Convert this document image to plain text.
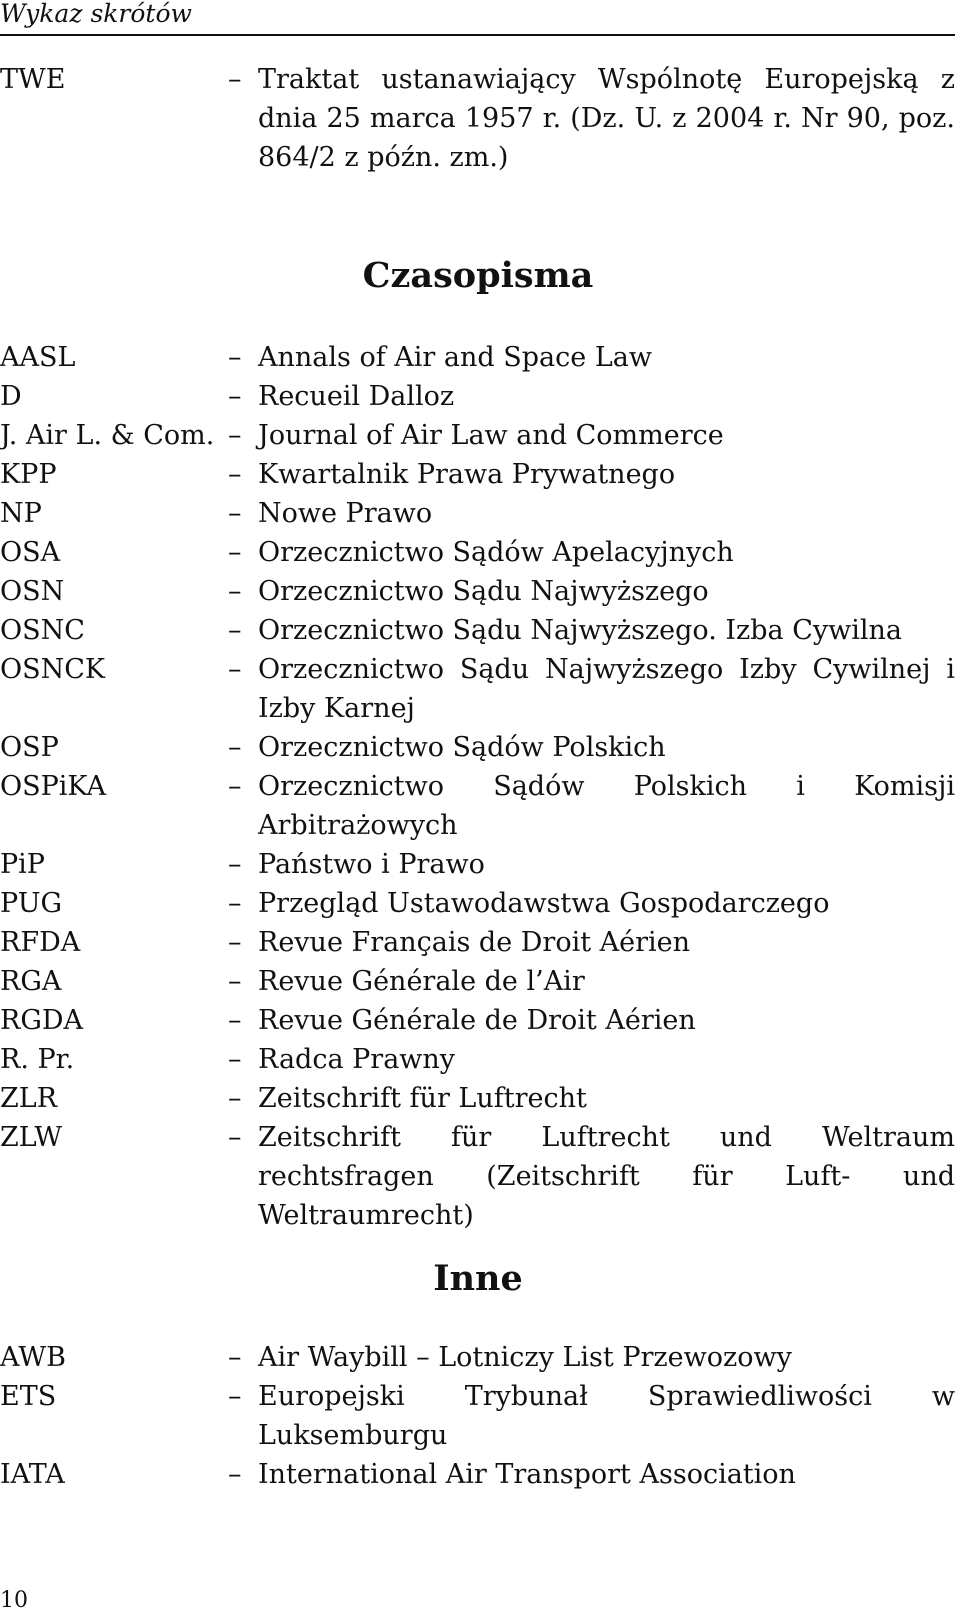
Wykaz skrótów
TWE	– Traktat ustanawiający Wspólnotę Europejską z dnia 25 marca 1957 r. (Dz. U. z 2004 r. Nr 90, poz. 864/2 z późn. zm.)
Czasopisma
AASL	– Annals of Air and Space Law
D	– Recueil Dalloz
J. Air L. & Com. – Journal of Air Law and Commerce
KPP	– Kwartalnik Prawa Prywatnego
NP	– Nowe Prawo
OSA	– Orzecznictwo Sądów Apelacyjnych
OSN	– Orzecznictwo Sądu Najwyższego
OSNC	– Orzecznictwo Sądu Najwyższego. Izba Cywilna
OSNCK	– Orzecznictwo Sądu Najwyższego Izby Cywilnej i Izby Karnej
OSP	– Orzecznictwo Sądów Polskich
OSPiKA	– Orzecznictwo Sądów Polskich i Komisji Arbitrażowych
PiP	– Państwo i Prawo
PUG	– Przegląd Ustawodawstwa Gospodarczego
RFDA	– Revue Français de Droit Aérien
RGA	– Revue Générale de l’Air
RGDA	– Revue Générale de Droit Aérien
R. Pr.	– Radca Prawny
ZLR	– Zeitschrift für Luftrecht
ZLW	– Zeitschrift für Luftrecht und Weltraum rechtsfragen (Zeitschrift für Luft- und Weltraumrecht)
Inne
AWB	– Air Waybill – Lotniczy List Przewozowy
ETS	– Europejski Trybunał Sprawiedliwości w Luksemburgu
IATA	– International Air Transport Association
10
